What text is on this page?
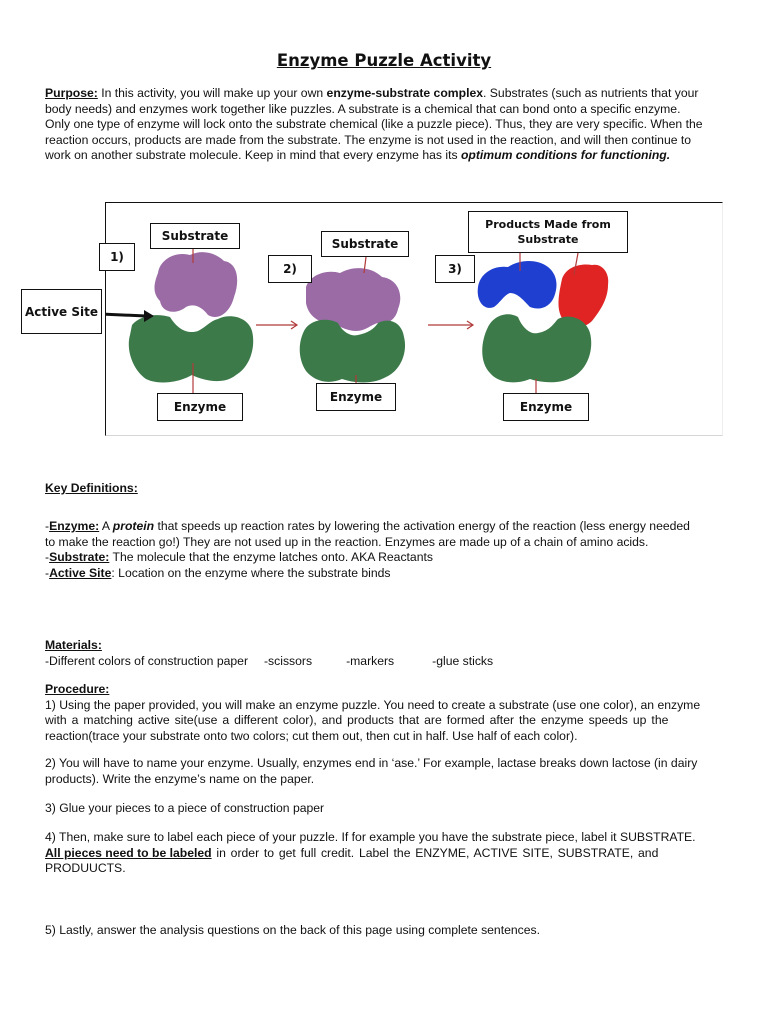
Enzyme Puzzle Activity
Purpose: In this activity, you will make up your own enzyme-substrate complex. Substrates (such as nutrients that your
body needs) and enzymes work together like puzzles. A substrate is a chemical that can bond onto a specific enzyme.
Only one type of enzyme will lock onto the substrate chemical (like a puzzle piece). Thus, they are very specific. When the
reaction occurs, products are made from the substrate. The enzyme is not used in the reaction, and will then continue to
work on another substrate molecule. Keep in mind that every enzyme has its optimum conditions for functioning.
1)
Substrate
2)
Substrate
3)
Products Made from
Substrate
Enzyme
Enzyme
Enzyme
Active Site
Key Definitions:
-Enzyme: A protein that speeds up reaction rates by lowering the activation energy of the reaction (less energy needed
to make the reaction go!) They are not used up in the reaction. Enzymes are made up of a chain of amino acids.
-Substrate: The molecule that the enzyme latches onto. AKA Reactants
-Active Site: Location on the enzyme where the substrate binds
Materials:
-Different colors of construction paper -scissors	-markers	-glue sticks
Procedure:
1) Using the paper provided, you will make an enzyme puzzle. You need to create a substrate (use one color), an enzyme
with a matching active site(use a different color), and products that are formed after the enzyme speeds up the
reaction(trace your substrate onto two colors; cut them out, then cut in half. Use half of each color).
2) You will have to name your enzyme. Usually, enzymes end in ‘ase.’ For example, lactase breaks down lactose (in dairy
products). Write the enzyme’s name on the paper.
3) Glue your pieces to a piece of construction paper
4) Then, make sure to label each piece of your puzzle. If for example you have the substrate piece, label it SUBSTRATE.
All pieces need to be labeled in order to get full credit. Label the ENZYME, ACTIVE SITE, SUBSTRATE, and
PRODUUCTS.
5) Lastly, answer the analysis questions on the back of this page using complete sentences.
